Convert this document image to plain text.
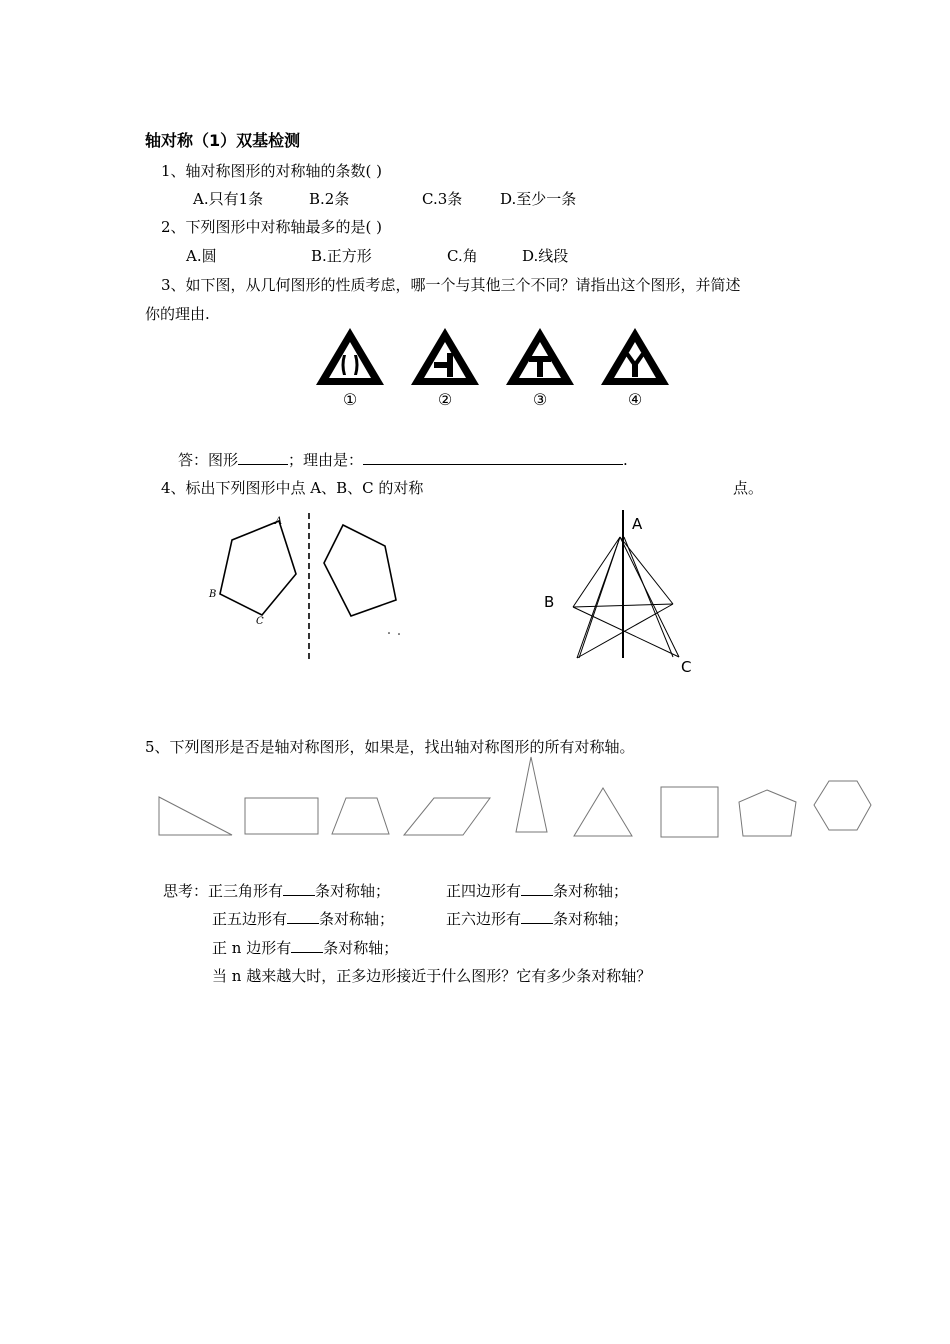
轴对称（1）双基检测
1、轴对称图形的对称轴的条数( )
A.只有1条	B.2条	C.3条	D.至少一条
2、下列图形中对称轴最多的是( )
A.圆	B.正方形	C.角	D.线段
3、如下图，从几何图形的性质考虑，哪一个与其他三个不同？请指出这个图形，并简述
你的理由.
①	②	③	④
答：图形	；理由是：	.
4、标出下列图形中点 A、B、C 的对称	点。
A
B
C
A
B
C
5、下列图形是否是轴对称图形，如果是，找出轴对称图形的所有对称轴。
思考：正三角形有 条对称轴；	正四边形有 条对称轴；
正五边形有 条对称轴；	正六边形有 条对称轴；
正 n 边形有 条对称轴；
当 n 越来越大时，正多边形接近于什么图形？它有多少条对称轴？
